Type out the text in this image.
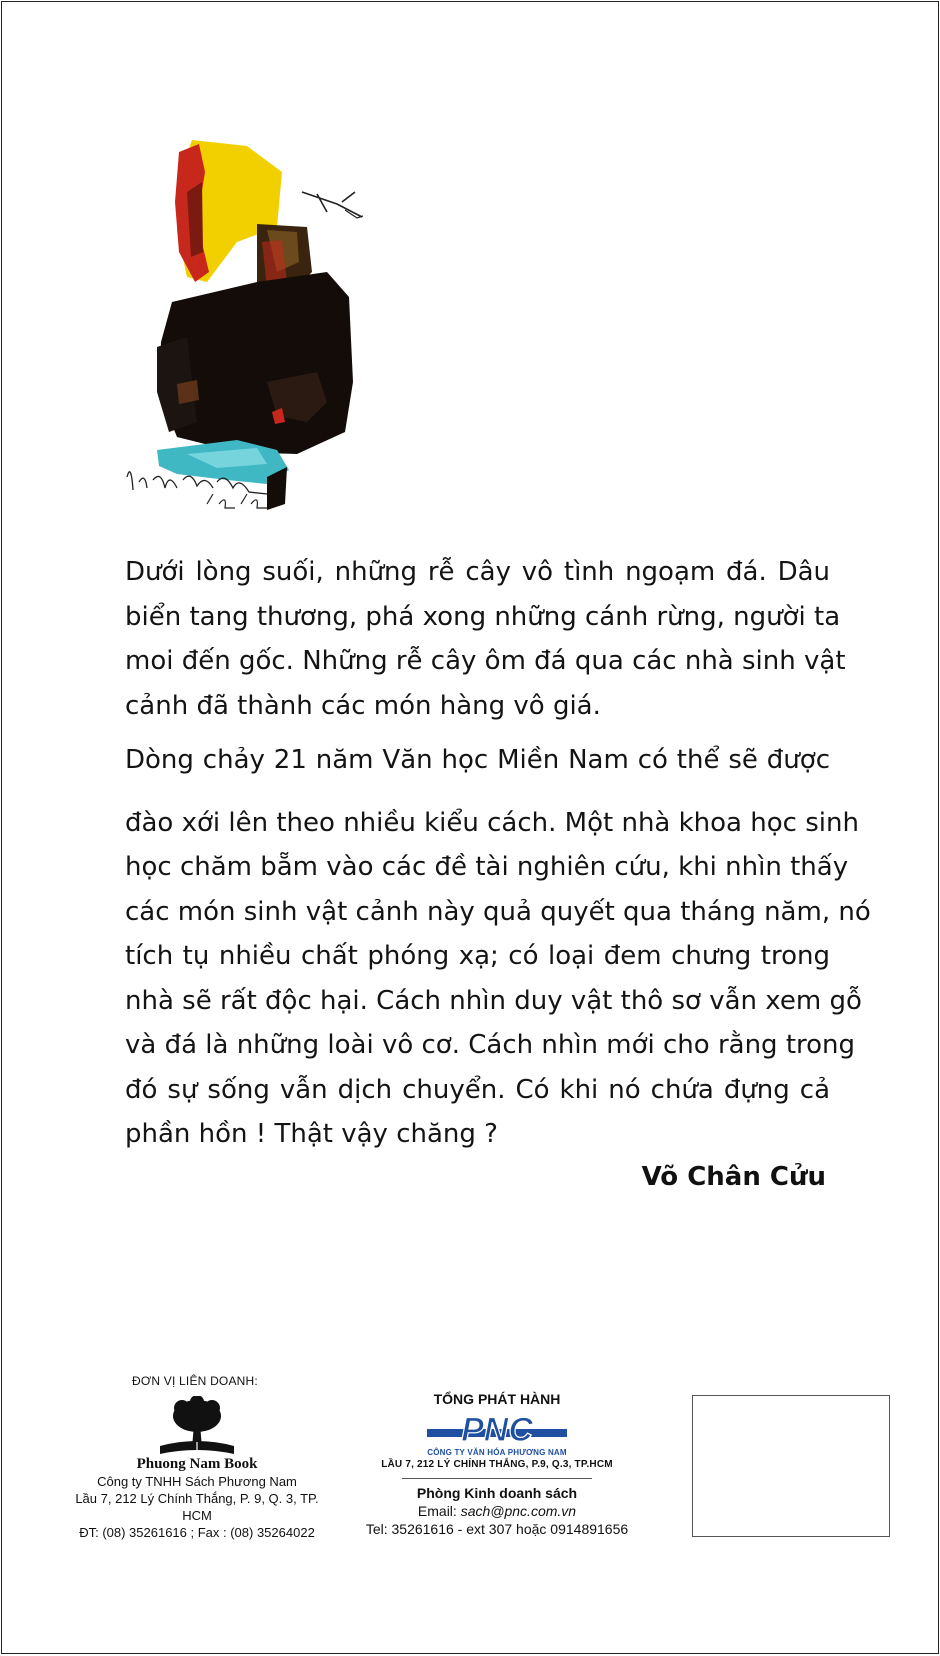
Dưới lòng suối, những rễ cây vô tình ngoạm đá. Dâu
biển tang thương, phá xong những cánh rừng, người ta
moi đến gốc. Những rễ cây ôm đá qua các nhà sinh vật
cảnh đã thành các món hàng vô giá.

Dòng chảy 21 năm Văn học Miền Nam có thể sẽ được

đào xới lên theo nhiều kiểu cách. Một nhà khoa học sinh
học chăm bẵm vào các đề tài nghiên cứu, khi nhìn thấy
các món sinh vật cảnh này quả quyết qua tháng năm, nó
tích tụ nhiều chất phóng xạ; có loại đem chưng trong
nhà sẽ rất độc hại. Cách nhìn duy vật thô sơ vẫn xem gỗ
và đá là những loài vô cơ. Cách nhìn mới cho rằng trong
đó sự sống vẫn dịch chuyển. Có khi nó chứa đựng cả
phần hồn ! Thật vậy chăng ?

Võ Chân Cửu
ĐƠN VỊ LIÊN DOANH:
Phuong Nam Book
Công ty TNHH Sách Phương Nam
Lầu 7, 212 Lý Chính Thắng, P. 9, Q. 3, TP. HCM
ĐT: (08) 35261616 ; Fax : (08) 35264022
TỔNG PHÁT HÀNH
PNC
CÔNG TY VĂN HÓA PHƯƠNG NAM
LẦU 7, 212 LÝ CHÍNH THẮNG, P.9, Q.3, TP.HCM
Phòng Kinh doanh sách
Email: sach@pnc.com.vn
Tel: 35261616 - ext 307 hoặc 0914891656
